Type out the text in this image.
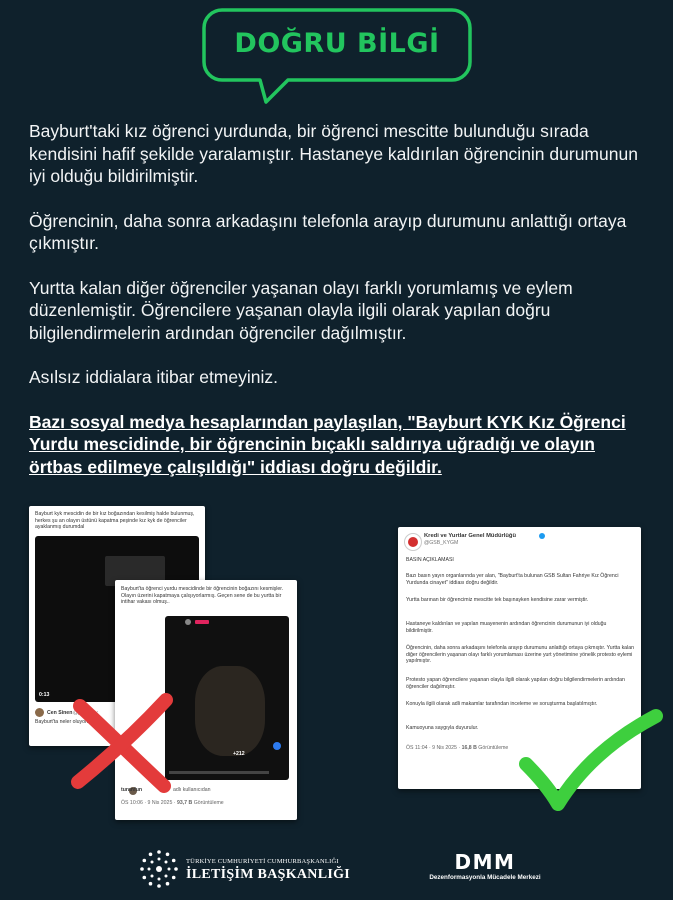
DOĞRU BİLGİ

Bayburt'taki kız öğrenci yurdunda, bir öğrenci mescitte bulunduğu sırada kendisini hafif şekilde yaralamıştır. Hastaneye kaldırılan öğrencinin durumunun iyi olduğu bildirilmiştir.

Öğrencinin, daha sonra arkadaşını telefonla arayıp durumunu anlattığı ortaya çıkmıştır.

Yurtta kalan diğer öğrenciler yaşanan olayı farklı yorumlamış ve eylem düzenlemiştir. Öğrencilere yaşanan olayla ilgili olarak yapılan doğru bilgilendirmelerin ardından öğrenciler dağılmıştır.

Asılsız iddialara itibar etmeyiniz.

Bazı sosyal medya hesaplarından paylaşılan, "Bayburt KYK Kız Öğrenci Yurdu mescidinde, bir öğrencinin bıçaklı saldırıya uğradığı ve olayın örtbas edilmeye çalışıldığı" iddiası doğru değildir.

Bayburt kyk mescidin de bir kız boğazından kesilmiş halde bulunmuş, herkes şu an olayın üstünü kapatma peşinde kız kyk de öğrenciler ayaklanmış durumdal
0:13
Cen Sinen @jcnSelvy
Bayburt'ta neler oluyor...
Bayburt'ta öğrenci yurdu mescidinde bir öğrencinin boğazını kesmişler. Olayın üzerini kapatmaya çalışıyorlarmış. Geçen sene de bu yurtta bir intihar vakası olmuş..
+212
turanfun	adlı kullanıcıdan
ÖS 10:06 · 9 Nis 2025 · 93,7 B Görüntüleme
Kredi ve Yurtlar Genel Müdürlüğü
@GSB_KYGM
BASIN AÇIKLAMASI
Bazı basın yayın organlarında yer alan, "Bayburt'ta bulunan GSB Sultan Fahriye Kız Öğrenci Yurdunda cinayet" iddiası doğru değildir.
Yurtta barınan bir öğrencimiz mescitte tek başınayken kendisine zarar vermiştir.
Hastaneye kaldırılan ve yapılan muayenenin ardından öğrencinin durumunun iyi olduğu bildirilmiştir.
Öğrencinin, daha sonra arkadaşını telefonla arayıp durumunu anlattığı ortaya çıkmıştır. Yurtta kalan diğer öğrencilerin yaşanan olayı farklı yorumlaması üzerine yurt yönetimine yönelik protesto eylemi yapılmıştır.
Protesto yapan öğrencilere yaşanan olayla ilgili olarak yapılan doğru bilgilendirmelerin ardından öğrenciler dağılmıştır.
Konuyla ilgili olarak adli makamlar tarafından inceleme ve soruşturma başlatılmıştır.
Kamuoyuna saygıyla duyurulur.
ÖS 11:04 · 9 Nis 2025 · 16,8 B Görüntüleme
TÜRKİYE CUMHURİYETİ CUMHURBAŞKANLIĞI
İLETİŞİM BAŞKANLIĞI
DMM
Dezenformasyonla Mücadele Merkezi
